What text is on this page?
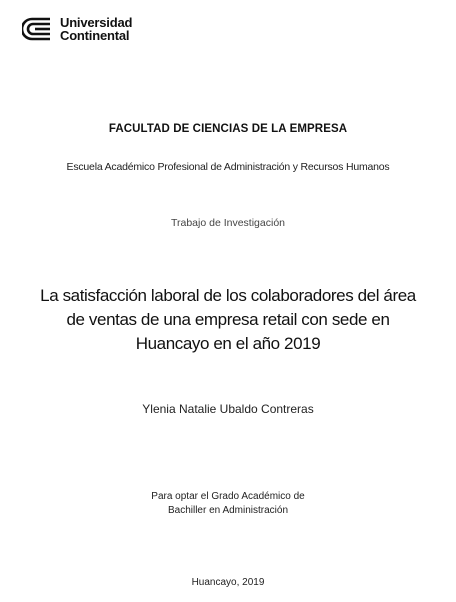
Universidad
Continental
FACULTAD DE CIENCIAS DE LA EMPRESA
Escuela Académico Profesional de Administración y Recursos Humanos
Trabajo de Investigación
La satisfacción laboral de los colaboradores del área
de ventas de una empresa retail con sede en
Huancayo en el año 2019
Ylenia Natalie Ubaldo Contreras
Para optar el Grado Académico de
Bachiller en Administración
Huancayo, 2019
